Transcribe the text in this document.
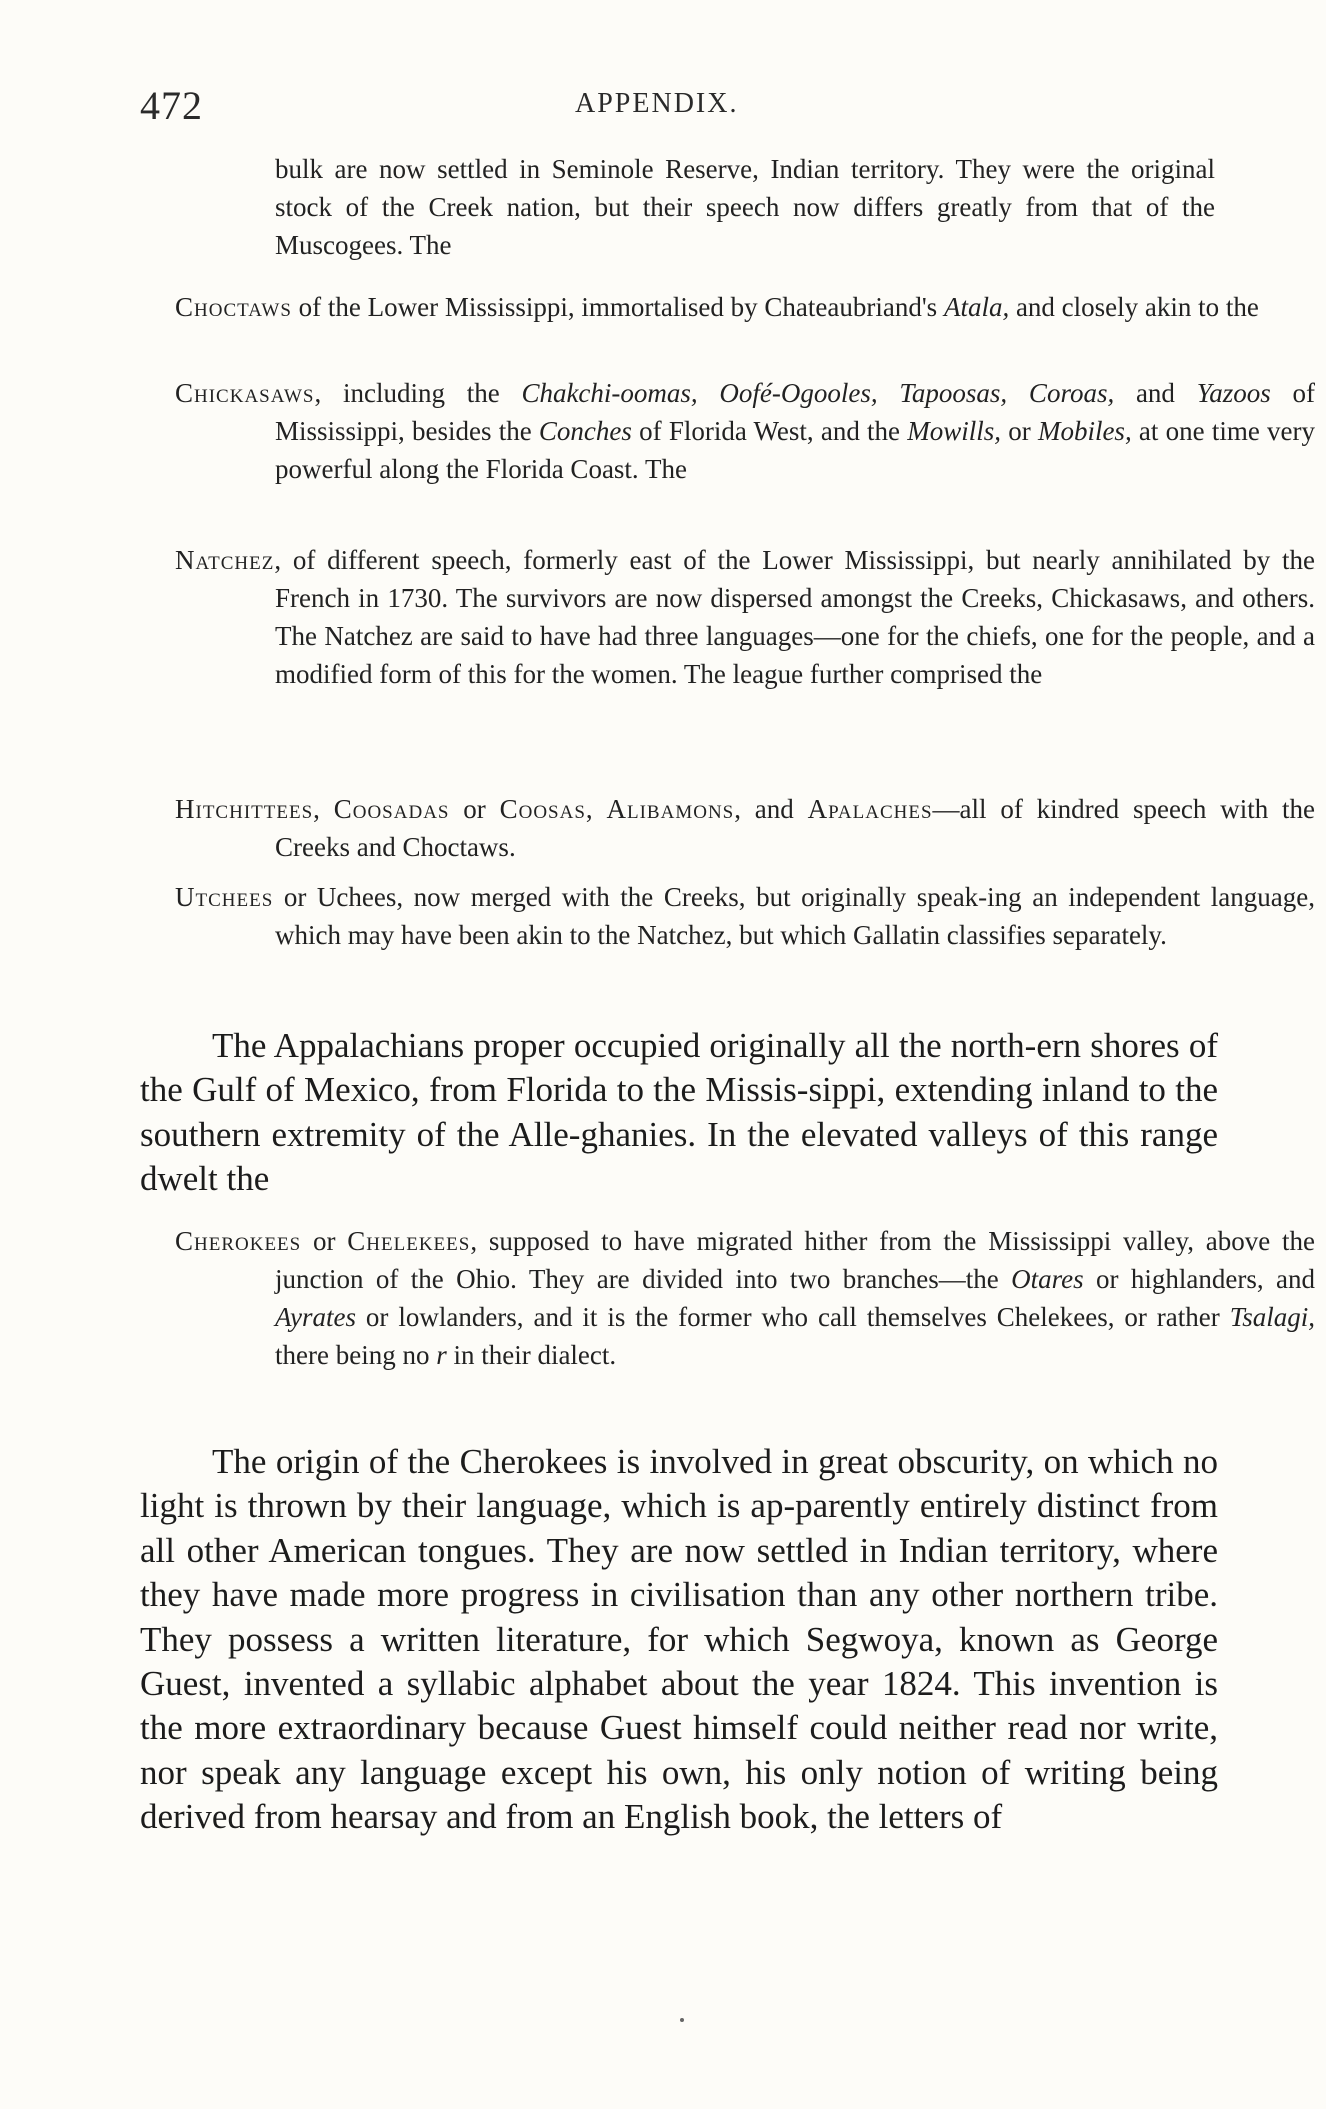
472	APPENDIX.
bulk are now settled in Seminole Reserve, Indian territory. They were the original stock of the Creek nation, but their speech now differs greatly from that of the Muscogees. The
Choctaws of the Lower Mississippi, immortalised by Chateaubriand's Atala, and closely akin to the
Chickasaws, including the Chakchi-oomas, Oofé-Ogooles, Tapoosas, Coroas, and Yazoos of Mississippi, besides the Conches of Florida West, and the Mowills, or Mobiles, at one time very powerful along the Florida Coast. The
Natchez, of different speech, formerly east of the Lower Mississippi, but nearly annihilated by the French in 1730. The survivors are now dispersed amongst the Creeks, Chickasaws, and others. The Natchez are said to have had three languages—one for the chiefs, one for the people, and a modified form of this for the women. The league further comprised the
Hitchittees, Coosadas or Coosas, Alibamons, and Apalaches—all of kindred speech with the Creeks and Choctaws.
Utchees or Uchees, now merged with the Creeks, but originally speak-ing an independent language, which may have been akin to the Natchez, but which Gallatin classifies separately.
The Appalachians proper occupied originally all the north-ern shores of the Gulf of Mexico, from Florida to the Missis-sippi, extending inland to the southern extremity of the Alle-ghanies. In the elevated valleys of this range dwelt the
Cherokees or Chelekees, supposed to have migrated hither from the Mississippi valley, above the junction of the Ohio. They are divided into two branches—the Otares or highlanders, and Ayrates or lowlanders, and it is the former who call themselves Chelekees, or rather Tsalagi, there being no r in their dialect.
The origin of the Cherokees is involved in great obscurity, on which no light is thrown by their language, which is ap-parently entirely distinct from all other American tongues. They are now settled in Indian territory, where they have made more progress in civilisation than any other northern tribe. They possess a written literature, for which Segwoya, known as George Guest, invented a syllabic alphabet about the year 1824. This invention is the more extraordinary because Guest himself could neither read nor write, nor speak any language except his own, his only notion of writing being derived from hearsay and from an English book, the letters of
